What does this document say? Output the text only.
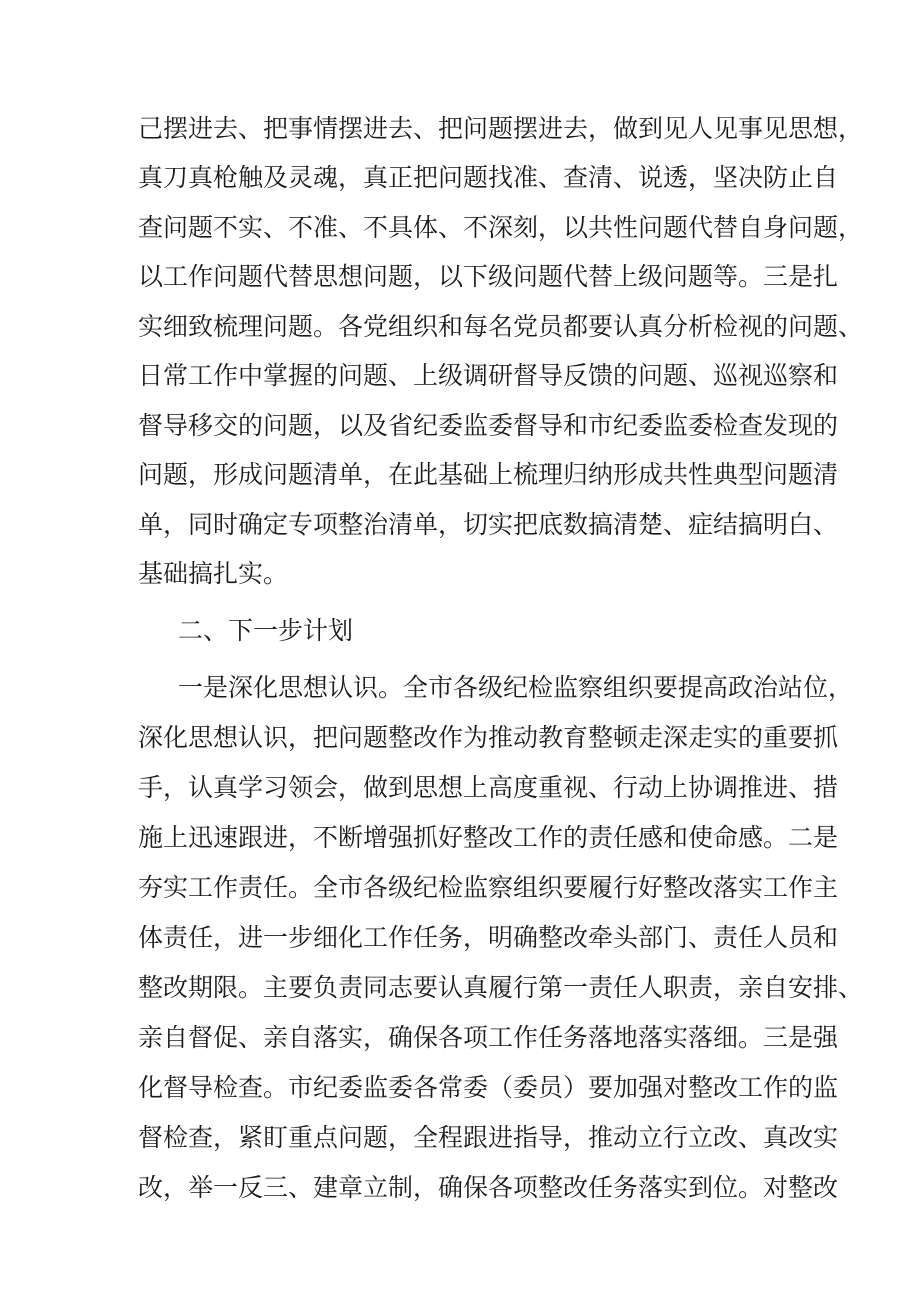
己摆进去、把事情摆进去、把问题摆进去，做到见人见事见思想，
真刀真枪触及灵魂，真正把问题找准、查清、说透，坚决防止自
查问题不实、不准、不具体、不深刻，以共性问题代替自身问题，
以工作问题代替思想问题，以下级问题代替上级问题等。三是扎
实细致梳理问题。各党组织和每名党员都要认真分析检视的问题、
日常工作中掌握的问题、上级调研督导反馈的问题、巡视巡察和
督导移交的问题，以及省纪委监委督导和市纪委监委检查发现的
问题，形成问题清单，在此基础上梳理归纳形成共性典型问题清
单，同时确定专项整治清单，切实把底数搞清楚、症结搞明白、
基础搞扎实。
二、下一步计划
一是深化思想认识。全市各级纪检监察组织要提高政治站位，
深化思想认识，把问题整改作为推动教育整顿走深走实的重要抓
手，认真学习领会，做到思想上高度重视、行动上协调推进、措
施上迅速跟进，不断增强抓好整改工作的责任感和使命感。二是
夯实工作责任。全市各级纪检监察组织要履行好整改落实工作主
体责任，进一步细化工作任务，明确整改牵头部门、责任人员和
整改期限。主要负责同志要认真履行第一责任人职责，亲自安排、
亲自督促、亲自落实，确保各项工作任务落地落实落细。三是强
化督导检查。市纪委监委各常委（委员）要加强对整改工作的监
督检查，紧盯重点问题，全程跟进指导，推动立行立改、真改实
改，举一反三、建章立制，确保各项整改任务落实到位。对整改
